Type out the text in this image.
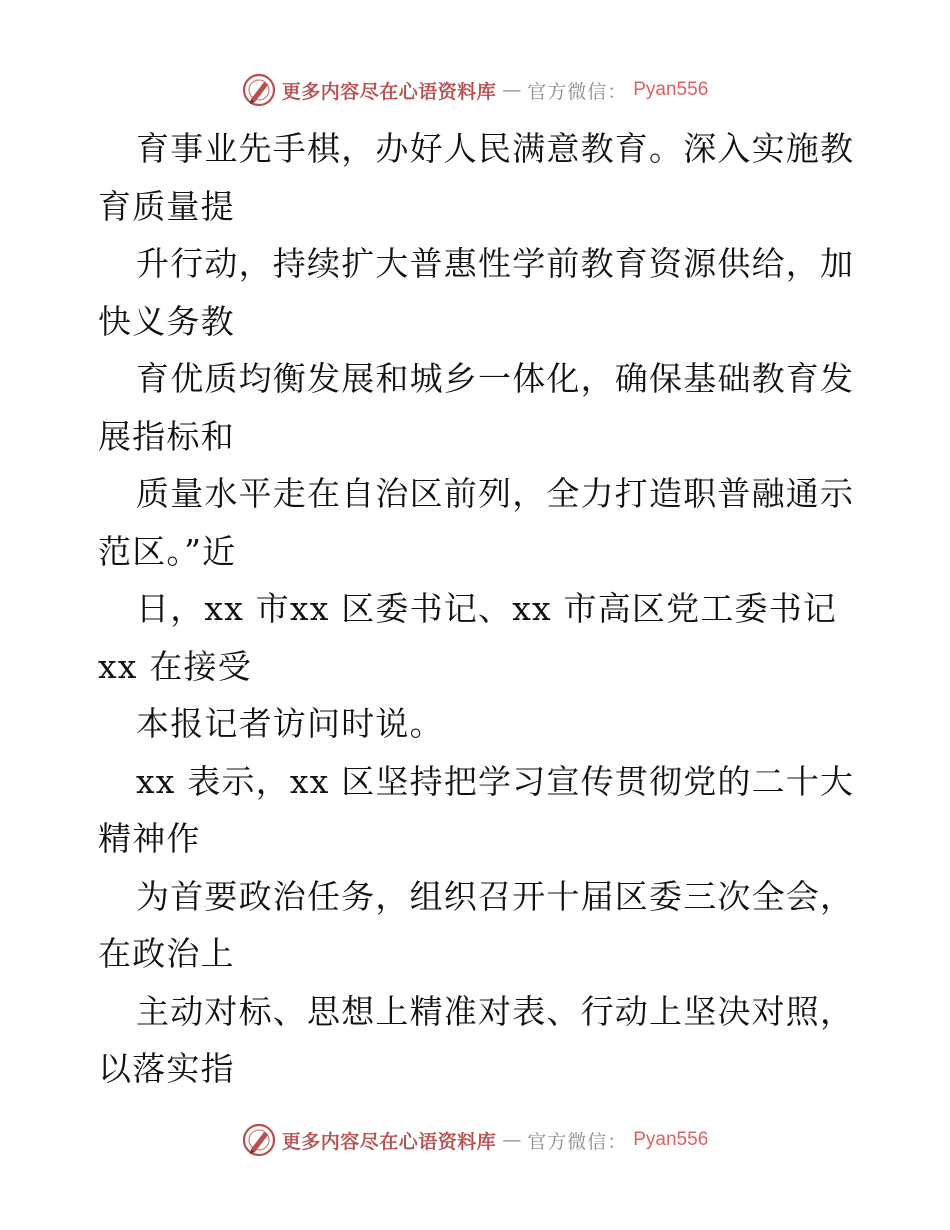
更多内容尽在心语资料库 — 官方微信： Pyan556
育事业先手棋，办好人民满意教育。深入实施教
育质量提
升行动，持续扩大普惠性学前教育资源供给，加
快义务教
育优质均衡发展和城乡一体化，确保基础教育发
展指标和
质量水平走在自治区前列，全力打造职普融通示
范区。”近
日，xx 市xx 区委书记、xx 市高区党工委书记
xx 在接受
本报记者访问时说。
xx 表示，xx 区坚持把学习宣传贯彻党的二十大
精神作
为首要政治任务，组织召开十届区委三次全会，
在政治上
主动对标、思想上精准对表、行动上坚决对照，
以落实指
更多内容尽在心语资料库 — 官方微信： Pyan556
